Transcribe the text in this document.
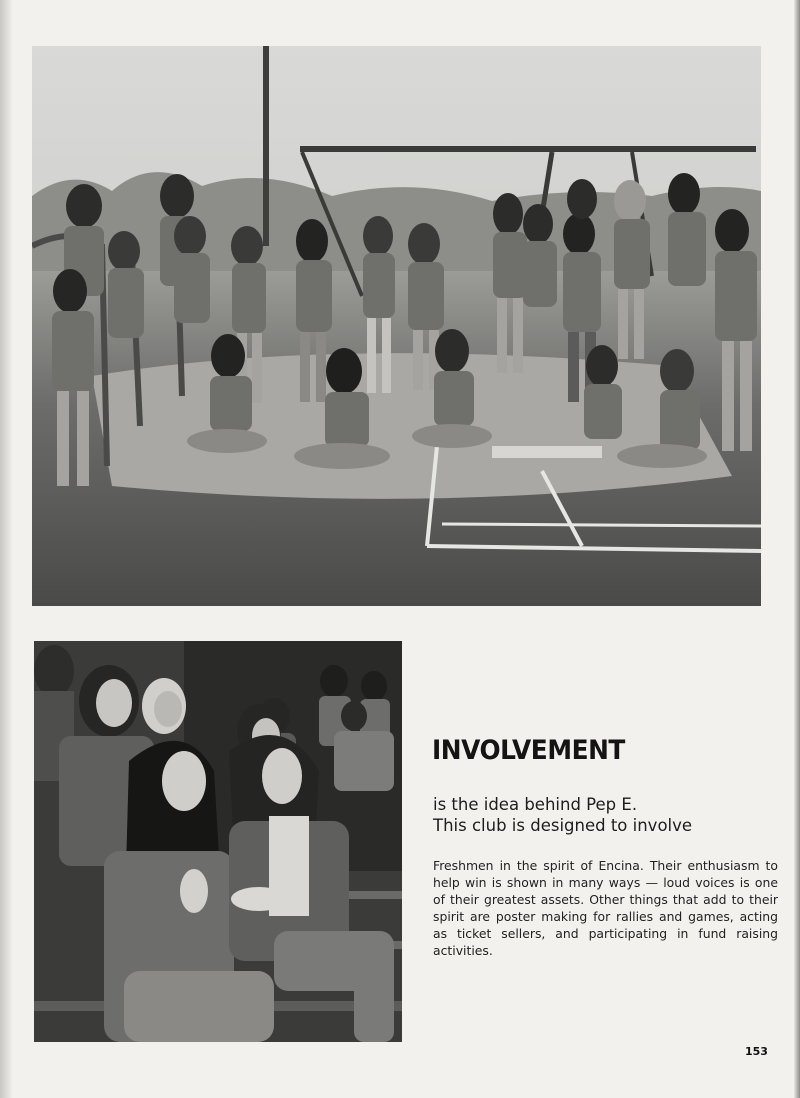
INVOLVEMENT
is the idea behind Pep E.
This club is designed to involve
Freshmen in the spirit of Encina. Their enthusiasm to help win is shown in many ways — loud voices is one of their greatest assets. Other things that add to their spirit are poster making for rallies and games, acting as ticket sellers, and participating in fund raising activities.
153
